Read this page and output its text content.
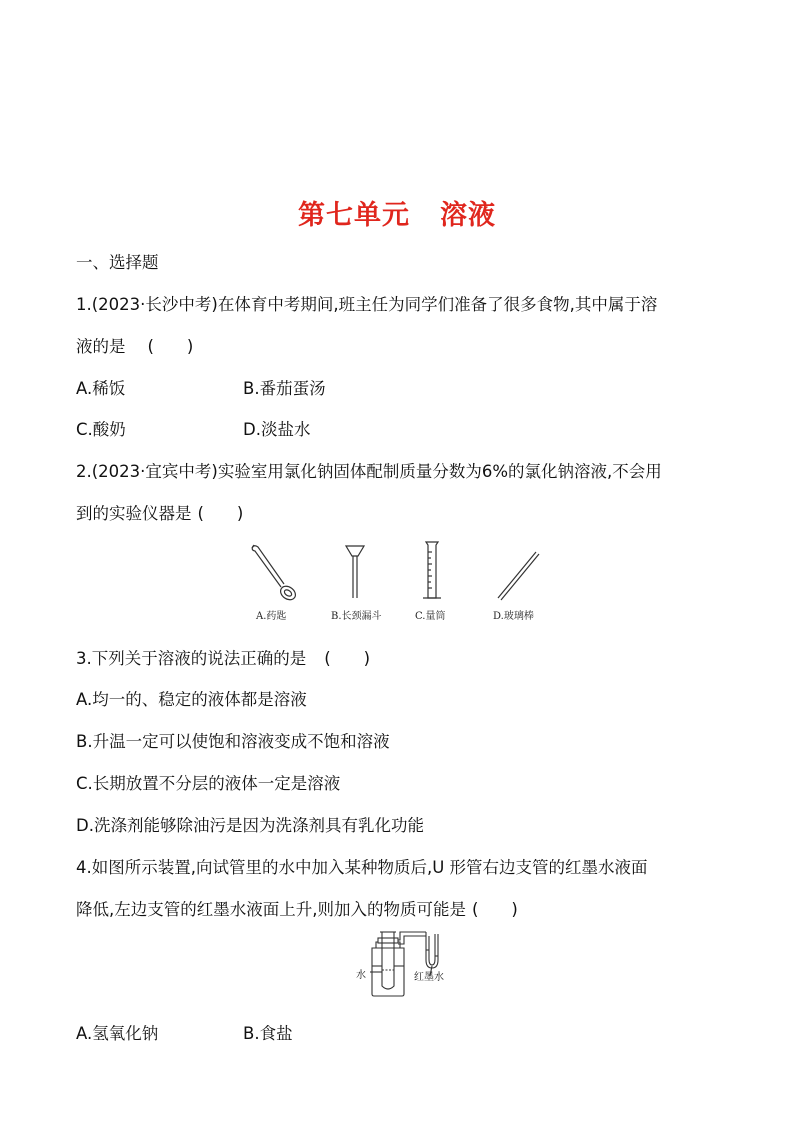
第七单元 溶液
一、选择题
1.(2023·长沙中考)在体育中考期间,班主任为同学们准备了很多食物,其中属于溶
液的是 (　　)
A.稀饭	B.番茄蛋汤
C.酸奶	D.淡盐水
2.(2023·宜宾中考)实验室用氯化钠固体配制质量分数为6%的氯化钠溶液,不会用
到的实验仪器是 (　　)
A.药匙	B.长颈漏斗	C.量筒	D.玻璃棒
3.下列关于溶液的说法正确的是 (　　)
A.均一的、稳定的液体都是溶液
B.升温一定可以使饱和溶液变成不饱和溶液
C.长期放置不分层的液体一定是溶液
D.洗涤剂能够除油污是因为洗涤剂具有乳化功能
4.如图所示装置,向试管里的水中加入某种物质后,U 形管右边支管的红墨水液面
降低,左边支管的红墨水液面上升,则加入的物质可能是 (　　)
水	红墨水
A.氢氧化钠	B.食盐
